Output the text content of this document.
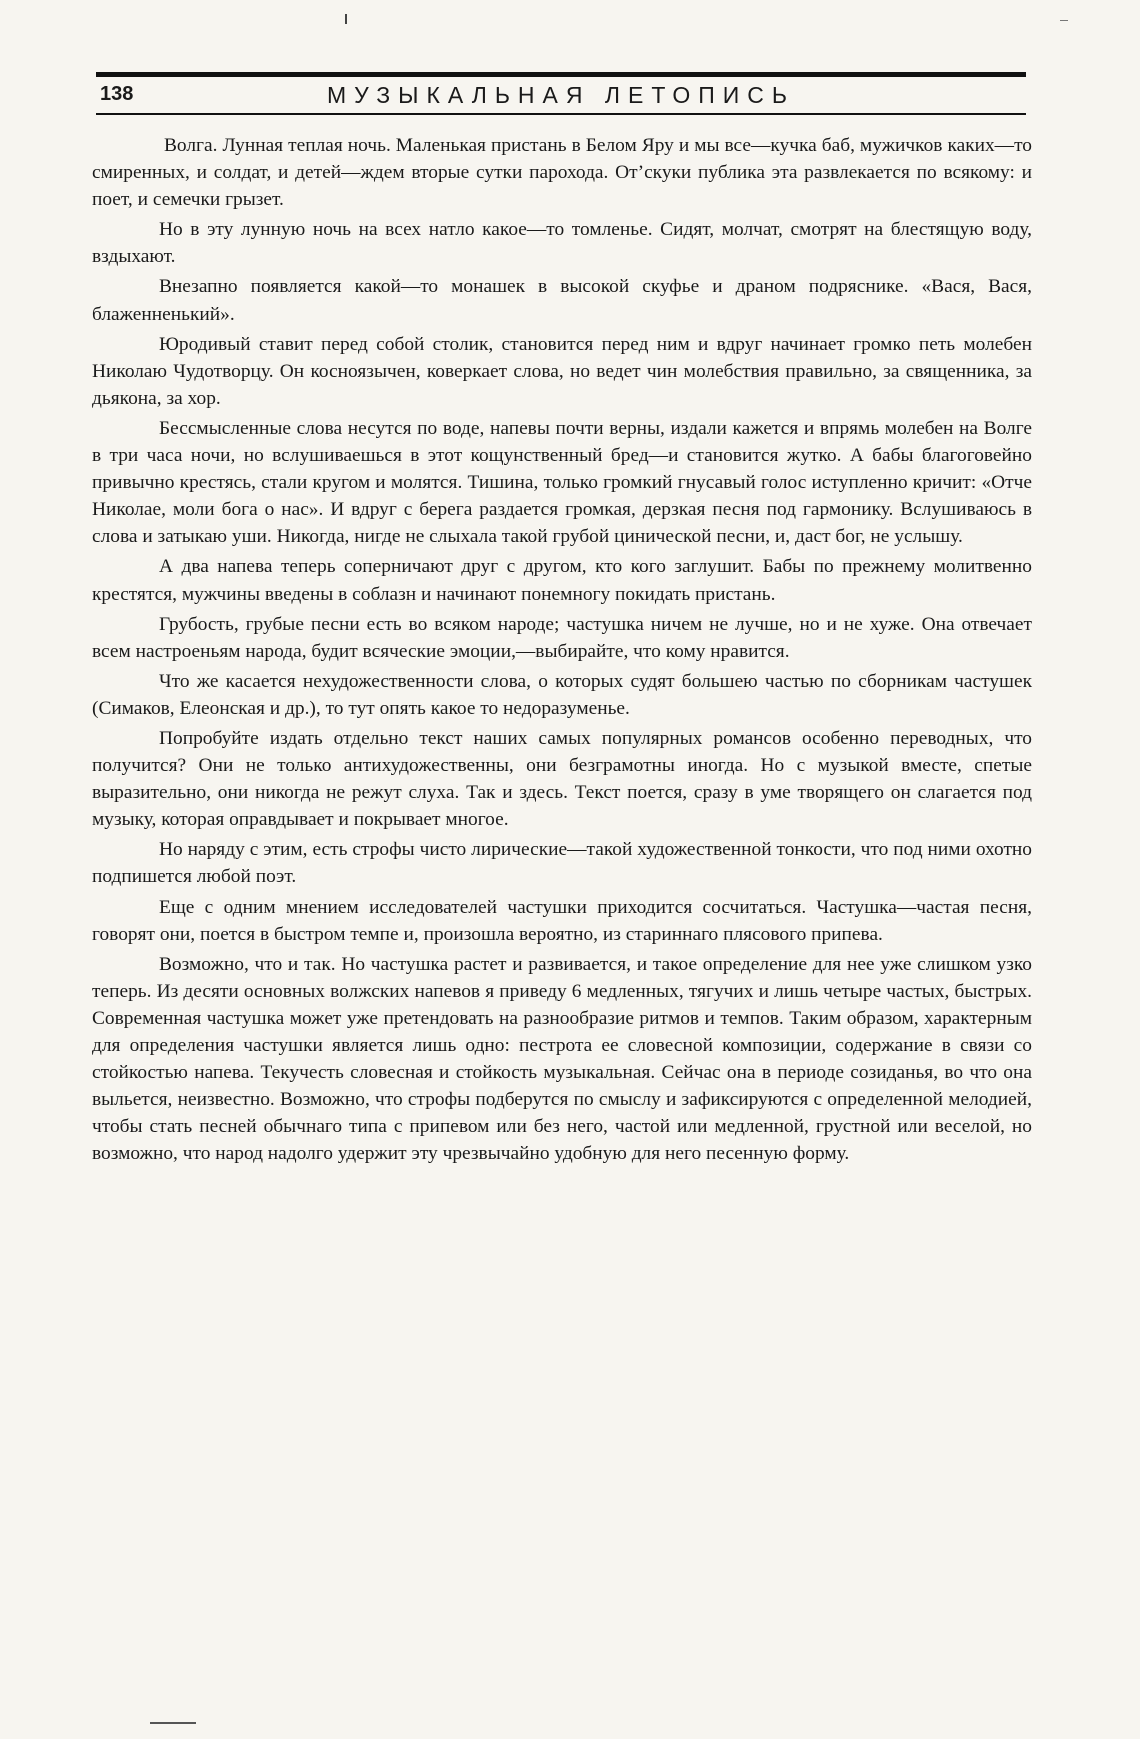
138	МУЗЫКАЛЬНАЯ ЛЕТОПИСЬ

Волга. Лунная теплая ночь. Маленькая пристань в Белом Яру и мы все—кучка баб, мужичков каких—то смиренных, и солдат, и детей—ждем вторые сутки парохода. От’скуки публика эта развлекается по всякому: и поет, и семечки грызет.

Но в эту лунную ночь на всех натло какое—то томленье. Сидят, молчат, смотрят на блестящую воду, вздыхают.

Внезапно появляется какой—то монашек в высокой скуфье и драном подряснике. «Вася, Вася, блаженненький».

Юродивый ставит перед собой столик, становится перед ним и вдруг начинает громко петь молебен Николаю Чудотворцу. Он косноязычен, коверкает слова, но ведет чин молебствия правильно, за священника, за дьякона, за хор.

Бессмысленные слова несутся по воде, напевы почти верны, издали кажется и впрямь молебен на Волге в три часа ночи, но вслушиваешься в этот кощунственный бред—и становится жутко. А бабы благоговейно привычно крестясь, стали кругом и молятся. Тишина, только громкий гнусавый голос иступленно кричит: «Отче Николае, моли бога о нас». И вдруг с берега раздается громкая, дерзкая песня под гармонику. Вслушиваюсь в слова и затыкаю уши. Никогда, нигде не слыхала такой грубой цинической песни, и, даст бог, не услышу.

А два напева теперь соперничают друг с другом, кто кого заглушит. Бабы по прежнему молитвенно крестятся, мужчины введены в соблазн и начинают понемногу покидать пристань.

Грубость, грубые песни есть во всяком народе; частушка ничем не лучше, но и не хуже. Она отвечает всем настроеньям народа, будит всяческие эмоции,—выбирайте, что кому нравится.

Что же касается нехудожественности слова, о которых судят большею частью по сборникам частушек (Симаков, Елеонская и др.), то тут опять какое то недоразуменье.

Попробуйте издать отдельно текст наших самых популярных романсов особенно переводных, что получится? Они не только антихудожественны, они безграмотны иногда. Но с музыкой вместе, спетые выразительно, они никогда не режут слуха. Так и здесь. Текст поется, сразу в уме творящего он слагается под музыку, которая оправдывает и покрывает многое.

Но наряду с этим, есть строфы чисто лирические—такой художественной тонкости, что под ними охотно подпишется любой поэт.

Еще с одним мнением исследователей частушки приходится сосчитаться. Частушка—частая песня, говорят они, поется в быстром темпе и, произошла вероятно, из стариннаго плясового припева.

Возможно, что и так. Но частушка растет и развивается, и такое определение для нее уже слишком узко теперь. Из десяти основных волжских напевов я приведу 6 медленных, тягучих и лишь четыре частых, быстрых. Современная частушка может уже претендовать на разнообразие ритмов и темпов. Таким образом, характерным для определения частушки является лишь одно: пестрота ее словесной композиции, содержание в связи со стойкостью напева. Текучесть словесная и стойкость музыкальная. Сейчас она в периоде созиданья, во что она выльется, неизвестно. Возможно, что строфы подберутся по смыслу и зафиксируются с определенной мелодией, чтобы стать песней обычнаго типа с припевом или без него, частой или медленной, грустной или веселой, но возможно, что народ надолго удержит эту чрезвычайно удобную для него песенную форму.
